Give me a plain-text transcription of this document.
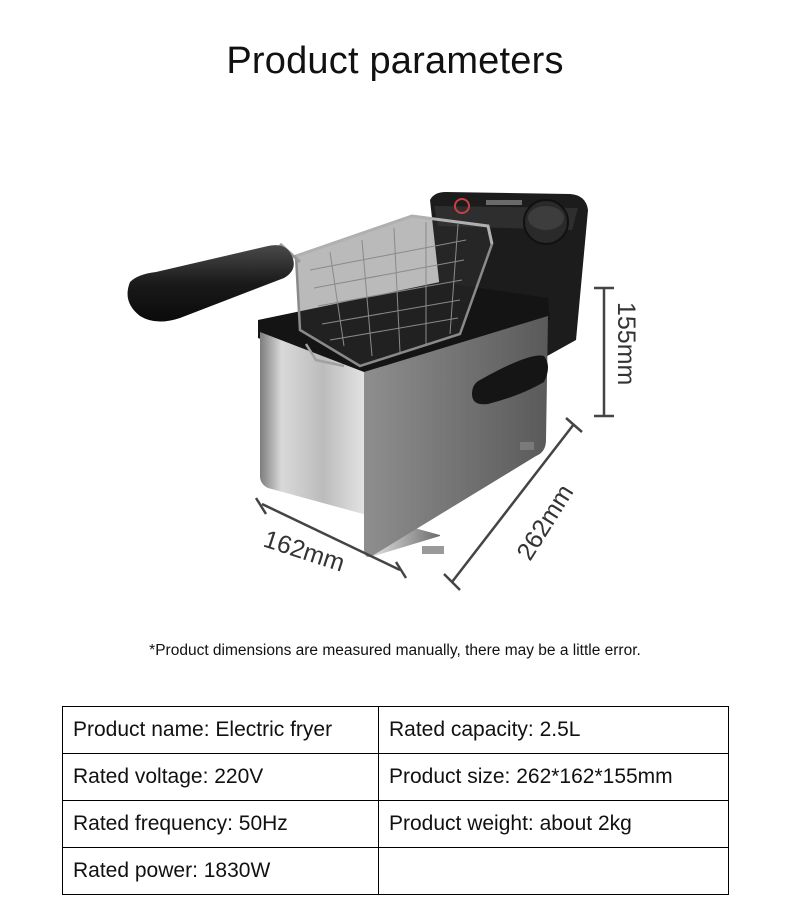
Product parameters
155mm
162mm	262mm
*Product dimensions are measured manually, there may be a little error.
Product name: Electric fryer	Rated capacity: 2.5L
Rated voltage: 220V	Product size: 262*162*155mm
Rated frequency: 50Hz	Product weight: about 2kg
Rated power: 1830W	
